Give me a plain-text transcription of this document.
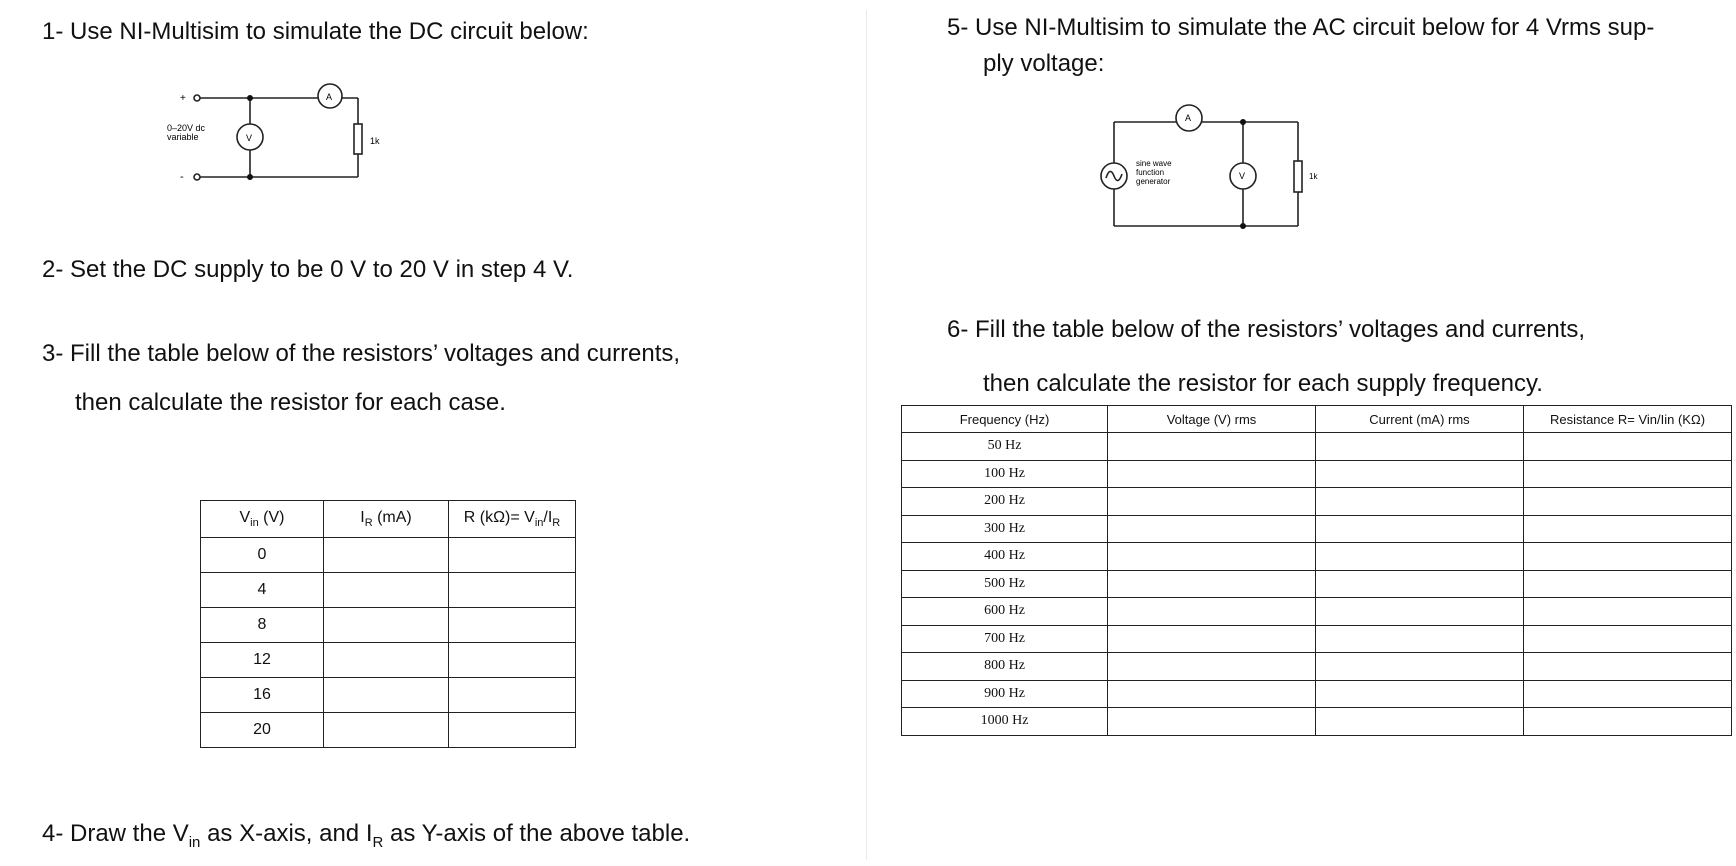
1- Use NI-Multisim to simulate the DC circuit below:
+
-
0–20V dc
variable	V
A
1k
2- Set the DC supply to be 0 V to 20 V in step 4 V.
3- Fill the table below of the resistors’ voltages and currents,
then calculate the resistor for each case.
$V_{in}$ (V)	$I_R$ (mA)	R $(k\Omega)= V_{in}/I_R$
0		
4		
8		
12		
16		
20		
4- Draw the $V_{in}$ as X-axis, and $I_R$ as Y-axis of the above table.
5- Use NI-Multisim to simulate the AC circuit below for 4 Vrms sup-
ply voltage:
A
V	1k
sine wave
function
generator
6- Fill the table below of the resistors’ voltages and currents,
then calculate the resistor for each supply frequency.
Frequency (Hz)	Voltage (V) rms	Current (mA) rms	Resistance R= Vin/Iin (KΩ)
50 Hz			
100 Hz			
200 Hz			
300 Hz			
400 Hz			
500 Hz			
600 Hz			
700 Hz			
800 Hz			
900 Hz			
1000 Hz			
